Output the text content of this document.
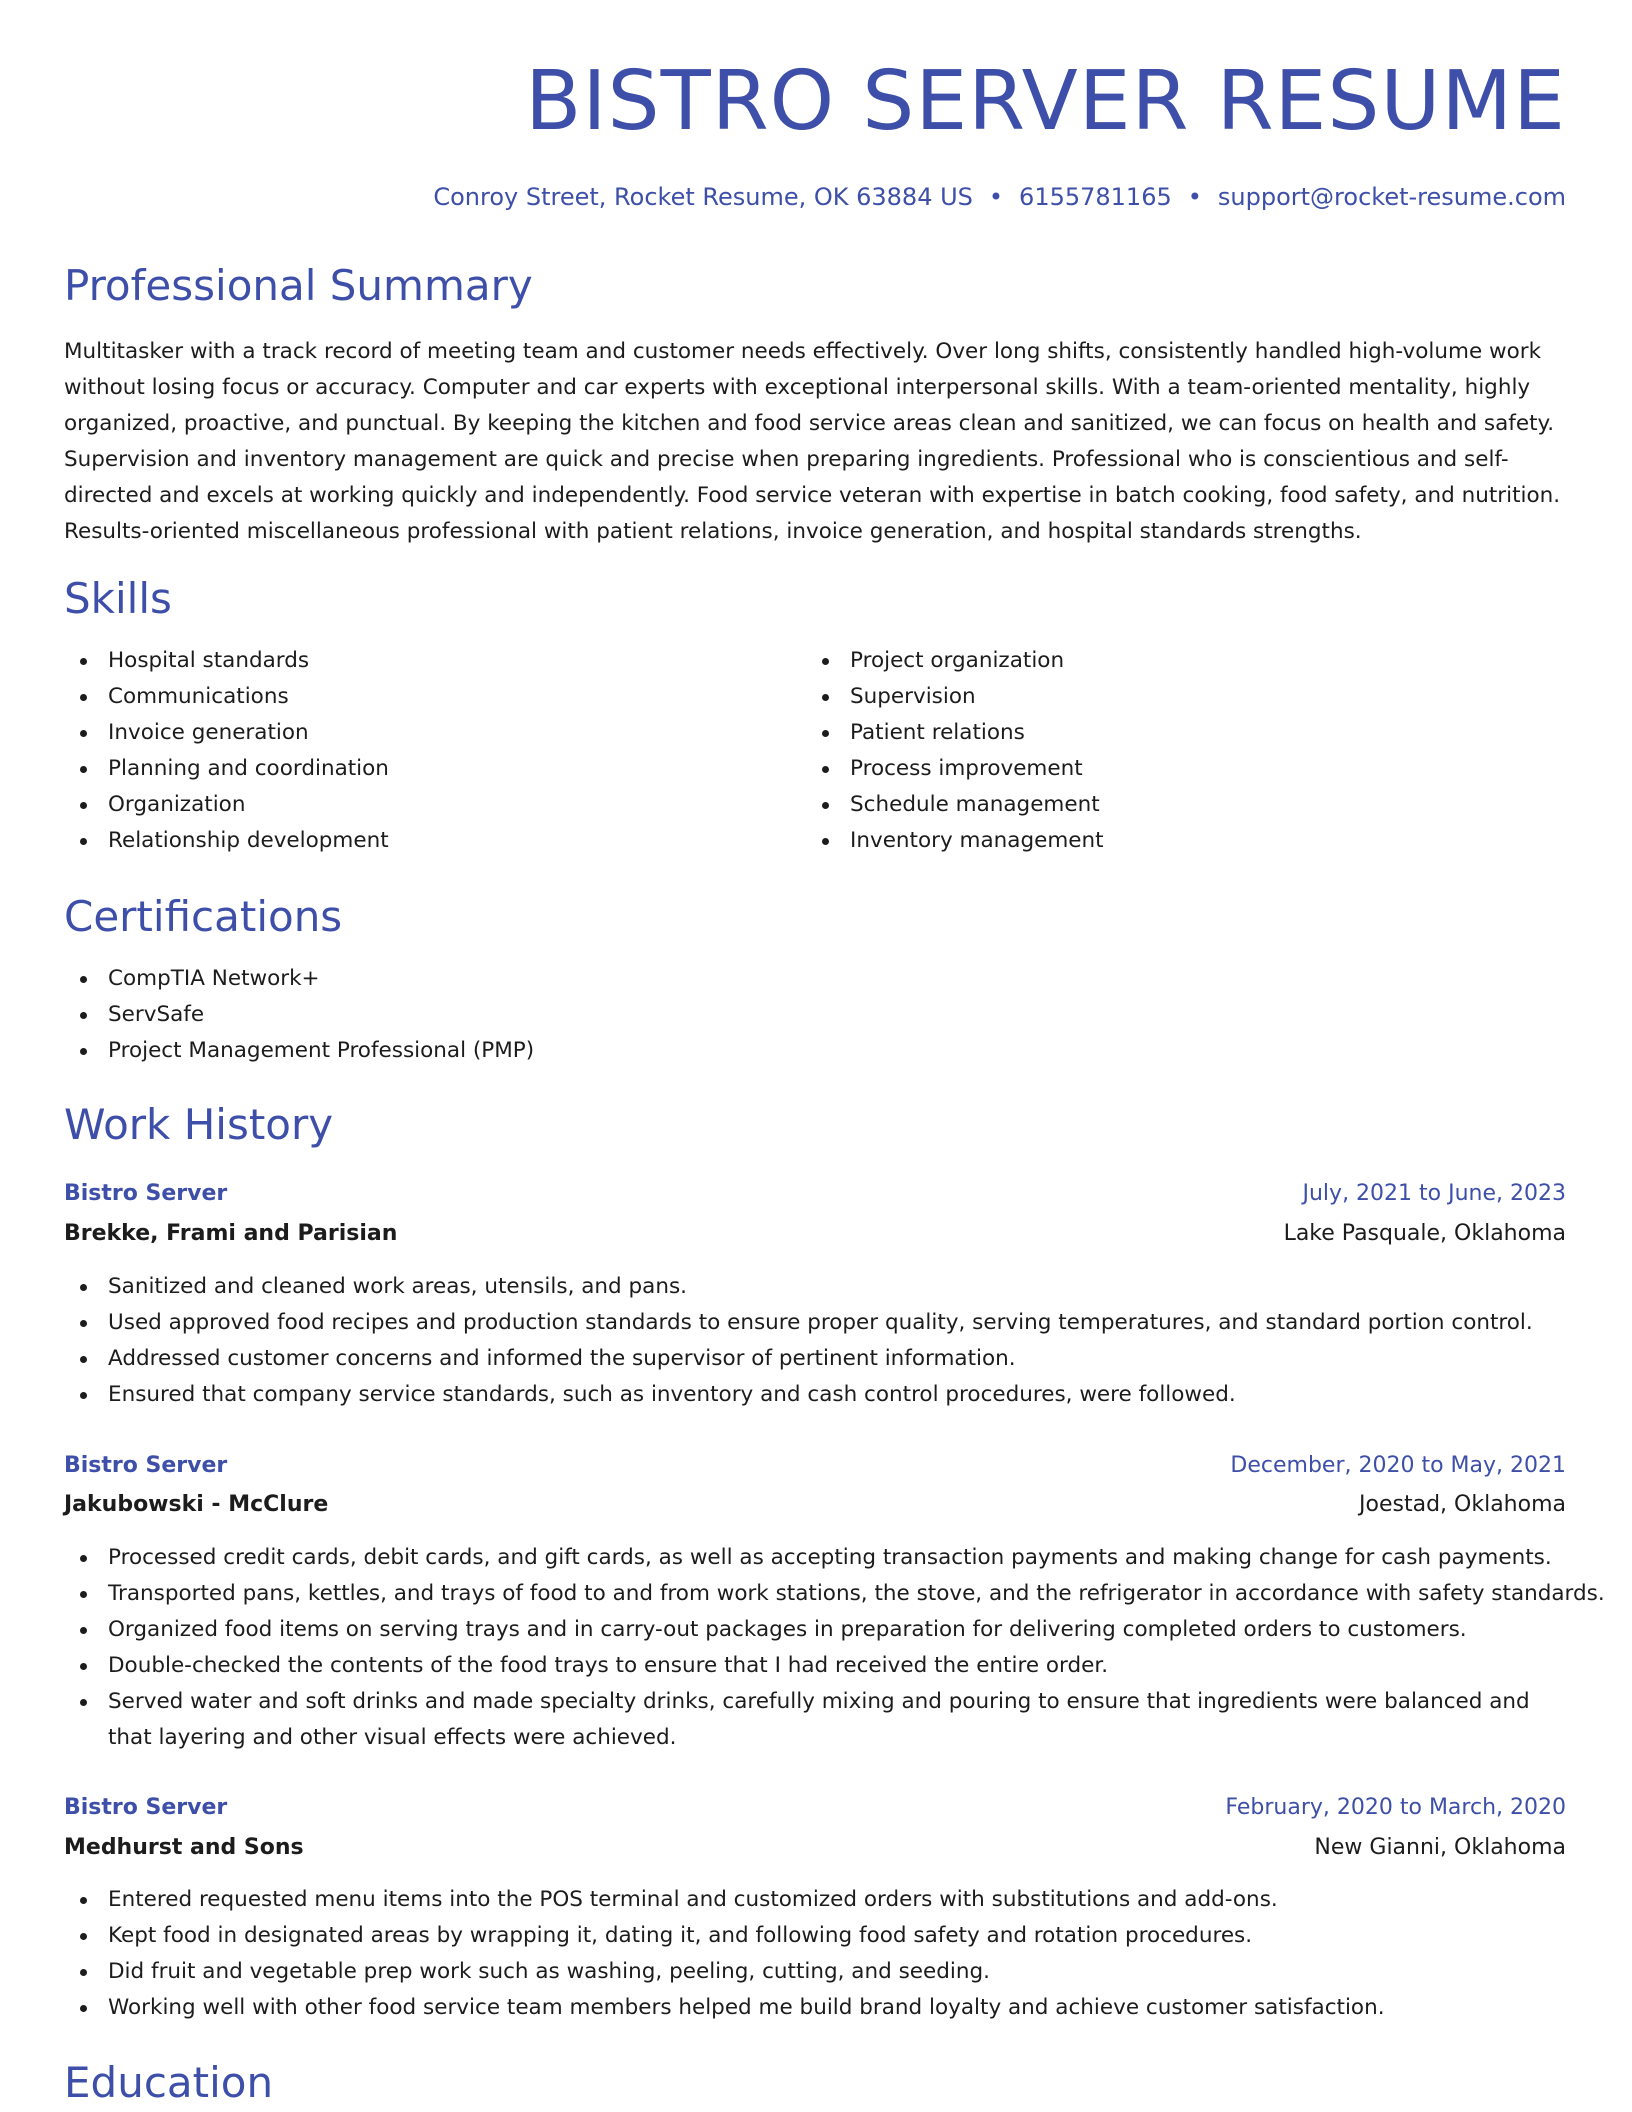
BISTRO SERVER RESUME
Conroy Street, Rocket Resume, OK 63884 US • 6155781165 • support@rocket-resume.com
Professional Summary

Multitasker with a track record of meeting team and customer needs effectively. Over long shifts, consistently handled high-volume work without losing focus or accuracy. Computer and car experts with exceptional interpersonal skills. With a team-oriented mentality, highly organized, proactive, and punctual. By keeping the kitchen and food service areas clean and sanitized, we can focus on health and safety. Supervision and inventory management are quick and precise when preparing ingredients. Professional who is conscientious and self-directed and excels at working quickly and independently. Food service veteran with expertise in batch cooking, food safety, and nutrition. Results-oriented miscellaneous professional with patient relations, invoice generation, and hospital standards strengths.

Skills
Hospital standards
Communications
Invoice generation
Planning and coordination
Organization
Relationship development
Project organization
Supervision
Patient relations
Process improvement
Schedule management
Inventory management
Certifications
CompTIA Network+
ServSafe
Project Management Professional (PMP)
Work History
Bistro Server	July, 2021 to June, 2023
Brekke, Frami and Parisian	Lake Pasquale, Oklahoma
Sanitized and cleaned work areas, utensils, and pans.
Used approved food recipes and production standards to ensure proper quality, serving temperatures, and standard portion control.
Addressed customer concerns and informed the supervisor of pertinent information.
Ensured that company service standards, such as inventory and cash control procedures, were followed.
Bistro Server	December, 2020 to May, 2021
Jakubowski - McClure	Joestad, Oklahoma
Processed credit cards, debit cards, and gift cards, as well as accepting transaction payments and making change for cash payments.
Transported pans, kettles, and trays of food to and from work stations, the stove, and the refrigerator in accordance with safety standards.
Organized food items on serving trays and in carry-out packages in preparation for delivering completed orders to customers.
Double-checked the contents of the food trays to ensure that I had received the entire order.
Served water and soft drinks and made specialty drinks, carefully mixing and pouring to ensure that ingredients were balanced and that layering and other visual effects were achieved.
Bistro Server	February, 2020 to March, 2020
Medhurst and Sons	New Gianni, Oklahoma
Entered requested menu items into the POS terminal and customized orders with substitutions and add-ons.
Kept food in designated areas by wrapping it, dating it, and following food safety and rotation procedures.
Did fruit and vegetable prep work such as washing, peeling, cutting, and seeding.
Working well with other food service team members helped me build brand loyalty and achieve customer satisfaction.
Education
